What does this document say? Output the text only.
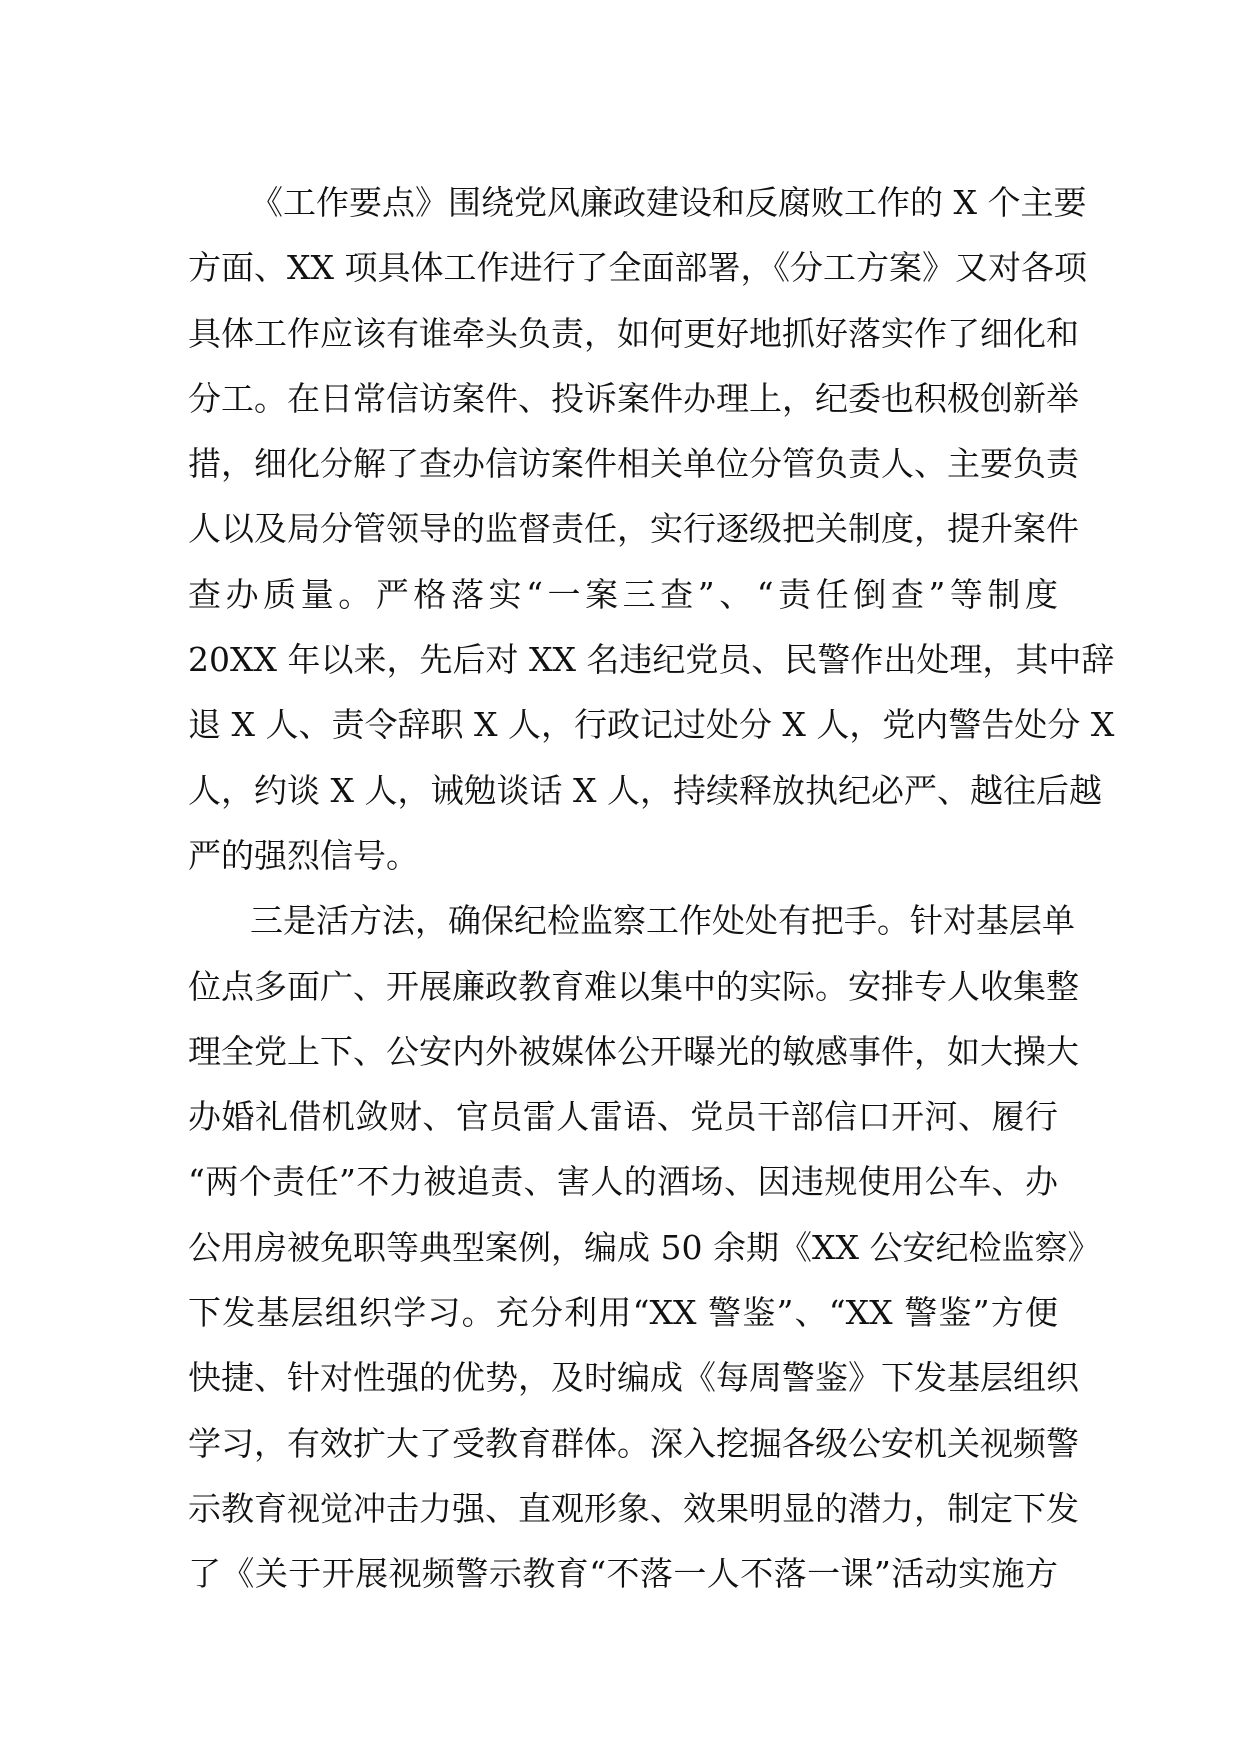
《工作要点》围绕党风廉政建设和反腐败工作的 X 个主要
方面、XX 项具体工作进行了全面部署，《分工方案》又对各项
具体工作应该有谁牵头负责，如何更好地抓好落实作了细化和
分工。在日常信访案件、投诉案件办理上，纪委也积极创新举
措，细化分解了查办信访案件相关单位分管负责人、主要负责
人以及局分管领导的监督责任，实行逐级把关制度，提升案件
查办质量。严格落实“一案三查”、“责任倒查”等制度
20XX 年以来，先后对 XX 名违纪党员、民警作出处理，其中辞
退 X 人、责令辞职 X 人，行政记过处分 X 人，党内警告处分 X
人，约谈 X 人，诫勉谈话 X 人，持续释放执纪必严、越往后越
严的强烈信号。
三是活方法，确保纪检监察工作处处有把手。针对基层单
位点多面广、开展廉政教育难以集中的实际。安排专人收集整
理全党上下、公安内外被媒体公开曝光的敏感事件，如大操大
办婚礼借机敛财、官员雷人雷语、党员干部信口开河、履行
“两个责任”不力被追责、害人的酒场、因违规使用公车、办
公用房被免职等典型案例，编成 50 余期《XX 公安纪检监察》
下发基层组织学习。充分利用“XX 警鉴”、“XX 警鉴”方便
快捷、针对性强的优势，及时编成《每周警鉴》下发基层组织
学习，有效扩大了受教育群体。深入挖掘各级公安机关视频警
示教育视觉冲击力强、直观形象、效果明显的潜力，制定下发
了《关于开展视频警示教育“不落一人不落一课”活动实施方
